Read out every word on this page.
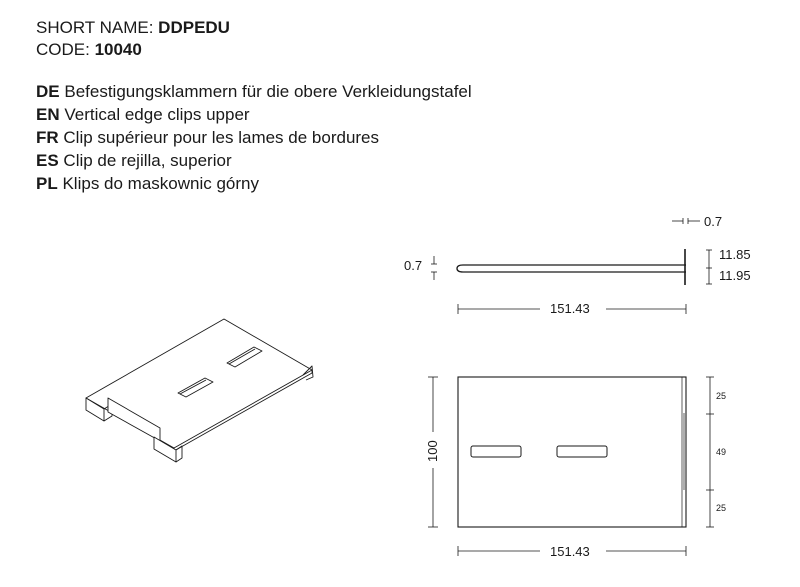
SHORT NAME: DDPEDU
CODE: 10040
DE Befestigungsklammern für die obere Verkleidungstafel
EN Vertical edge clips upper
FR Clip supérieur pour les lames de bordures
ES Clip de rejilla, superior
PL Klips do maskownic górny
0.7
0.7
11.85
11.95
151.43
100
25
49
25
151.43
